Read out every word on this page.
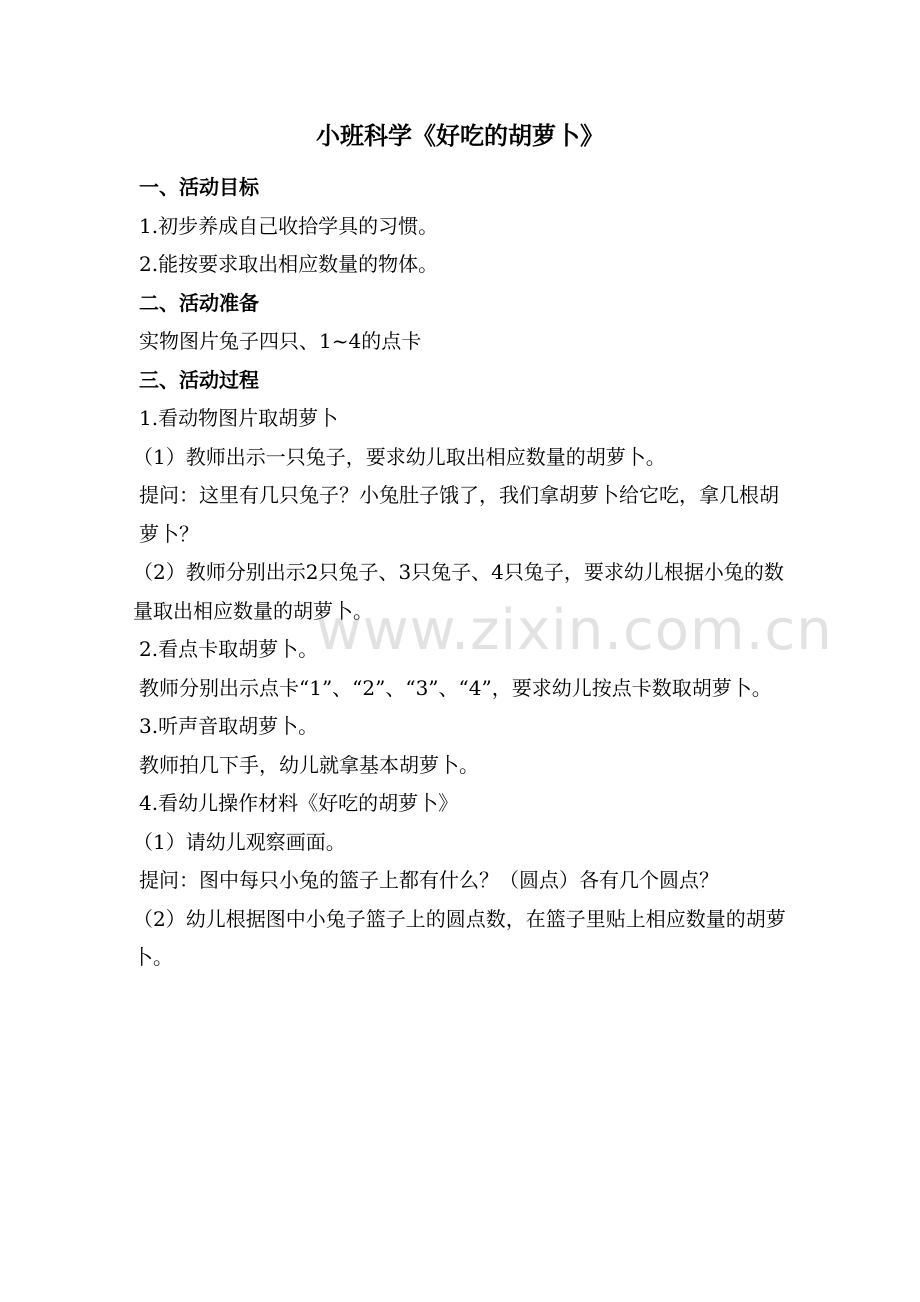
小班科学《好吃的胡萝卜》
一、活动目标
1.初步养成自己收拾学具的习惯。
2.能按要求取出相应数量的物体。
二、活动准备
实物图片兔子四只、1~4的点卡
三、活动过程
1.看动物图片取胡萝卜
（1）教师出示一只兔子，要求幼儿取出相应数量的胡萝卜。
提问：这里有几只兔子？小兔肚子饿了，我们拿胡萝卜给它吃，拿几根胡萝卜？
（2）教师分别出示2只兔子、3只兔子、4只兔子，要求幼儿根据小兔的数量取出相应数量的胡萝卜。
2.看点卡取胡萝卜。
教师分别出示点卡“1”、“2”、“3”、“4”，要求幼儿按点卡数取胡萝卜。
3.听声音取胡萝卜。
教师拍几下手，幼儿就拿基本胡萝卜。
4.看幼儿操作材料《好吃的胡萝卜》
（1）请幼儿观察画面。
提问：图中每只小兔的篮子上都有什么？（圆点）各有几个圆点？
（2）幼儿根据图中小兔子篮子上的圆点数，在篮子里贴上相应数量的胡萝卜。
www.zixin.com.cn
